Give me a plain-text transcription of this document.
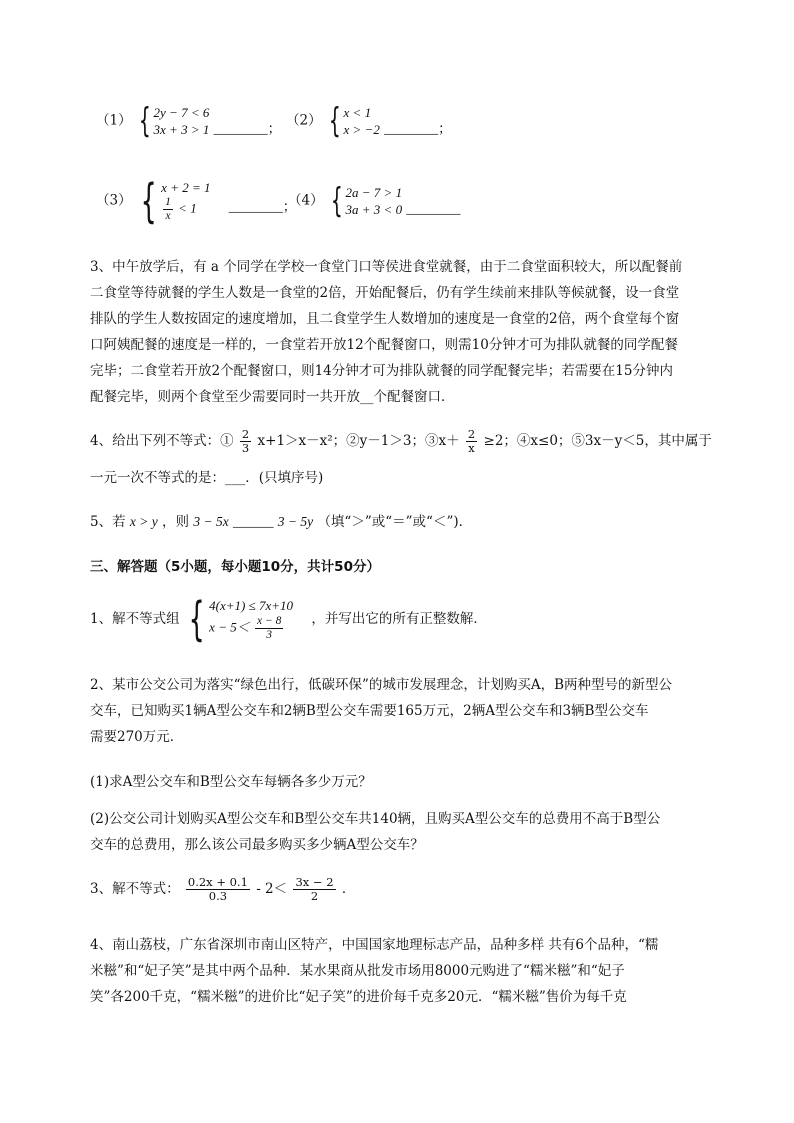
（1） { 2y − 7 < 6
3x + 3 > 1 ________； （2） { x < 1
x > −2 ________；
（3） { x + 2 = 1
$\frac{1}{x} < 1$	________；
（4） { 2a − 7 > 1
3a + 3 < 0 ________
3、中午放学后，有 a 个同学在学校一食堂门口等侯进食堂就餐，由于二食堂面积较大，所以配餐前
二食堂等待就餐的学生人数是一食堂的2倍，开始配餐后，仍有学生续前来排队等候就餐，设一食堂
排队的学生人数按固定的速度增加，且二食堂学生人数增加的速度是一食堂的2倍，两个食堂每个窗
口阿姨配餐的速度是一样的，一食堂若开放12个配餐窗口，则需10分钟才可为排队就餐的同学配餐
完毕；二食堂若开放2个配餐窗口，则14分钟才可为排队就餐的同学配餐完毕；若需要在15分钟内
配餐完毕，则两个食堂至少需要同时一共开放__个配餐窗口．
4、给出下列不等式：① $\frac{2}{3} x+1>x-x^2$；②y－1＞3；③x＋ $\frac{2}{x} \ge 2$；④x≤0；⑤3x－y＜5，其中属于
一元一次不等式的是：___．(只填序号)
5、若 x > y ，则 3 − 5x ______ 3 − 5y （填“＞”或“＝”或“＜”)．
三、解答题（5小题，每小题10分，共计50分）
1、解不等式组 { 4(x+1) ≤ 7x+10
$x - 5< \frac{x - 8}{3}$ ，并写出它的所有正整数解．
2、某市公交公司为落实“绿色出行，低碳环保”的城市发展理念，计划购买A，B两种型号的新型公
交车，已知购买1辆A型公交车和2辆B型公交车需要165万元，2辆A型公交车和3辆B型公交车
需要270万元．
(1)求A型公交车和B型公交车每辆各多少万元？
(2)公交公司计划购买A型公交车和B型公交车共140辆，且购买A型公交车的总费用不高于B型公
交车的总费用，那么该公司最多购买多少辆A型公交车？
3、解不等式： $\frac{0.2x + 0.1}{0.3} - 2< \frac{3x - 2}{2}$ ．
4、南山荔枝，广东省深圳市南山区特产，中国国家地理标志产品，品种多样 共有6个品种，“糯
米糍”和“妃子笑”是其中两个品种．某水果商从批发市场用8000元购进了“糯米糍”和“妃子
笑”各200千克，“糯米糍”的进价比“妃子笑”的进价每千克多20元．“糯米糍”售价为每千克
